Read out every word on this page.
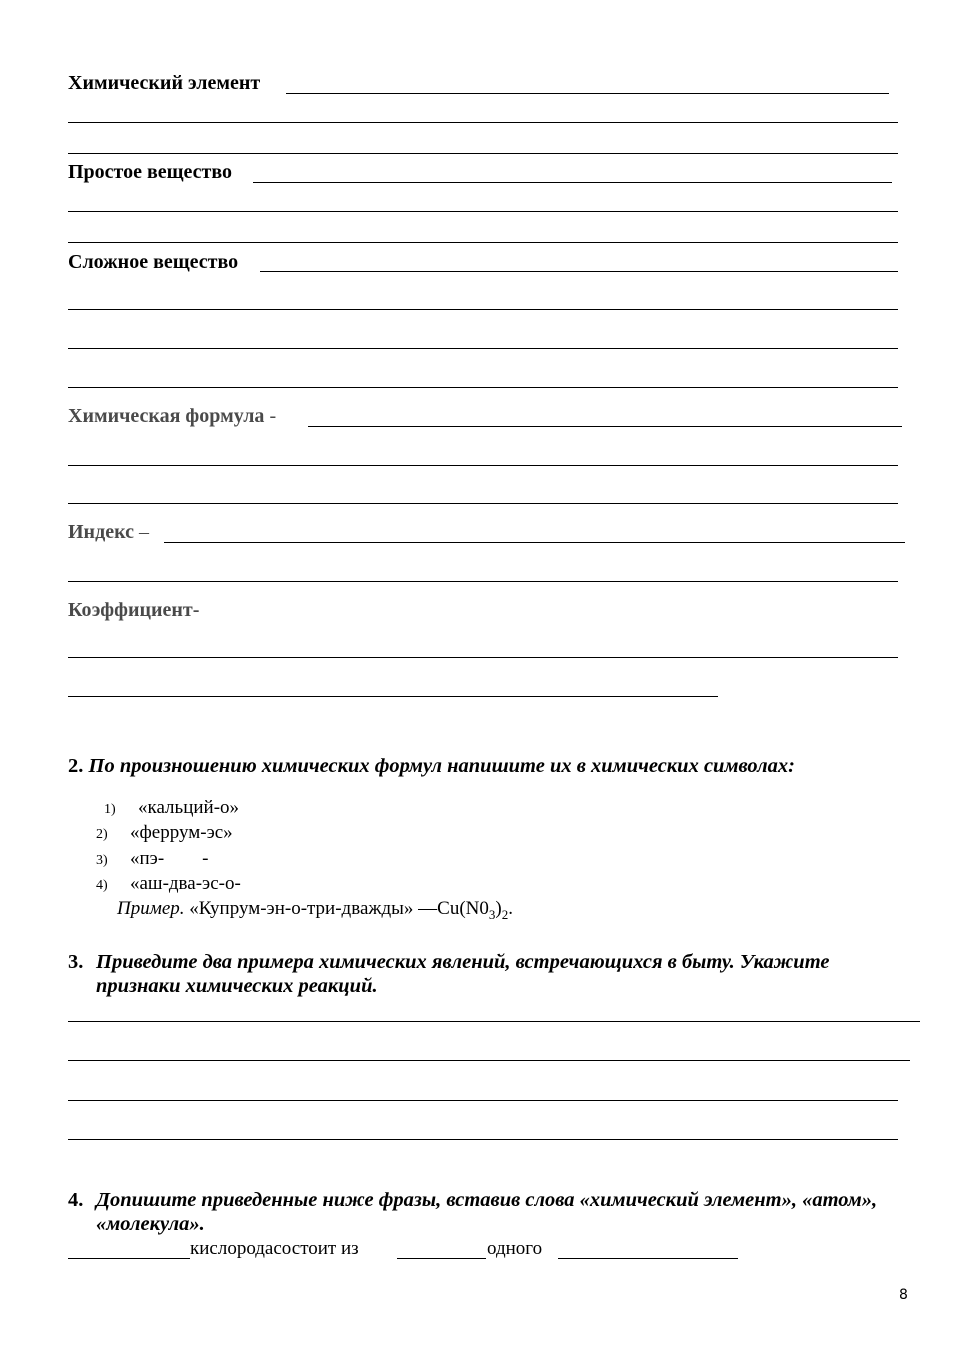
Химический элемент
Простое вещество
Сложное вещество
Химическая формула -
Индекс –
Коэффициент-
2. По произношению химических формул напишите их в химических символах:
1) «кальций-о»
2) «феррум-эс»
3) «пэ-        -
4) «аш-два-эс-о-
Пример. «Купрум-эн-о-три-дважды» $—Cu(N0_3)_2$.
3. Приведите два примера химических явлений, встречающихся в быту. Укажите признаки химических реакций.
4. Допишите приведенные ниже фразы, вставив слова «химический элемент», «атом», «молекула».
кислородасостоит из	одного
8
